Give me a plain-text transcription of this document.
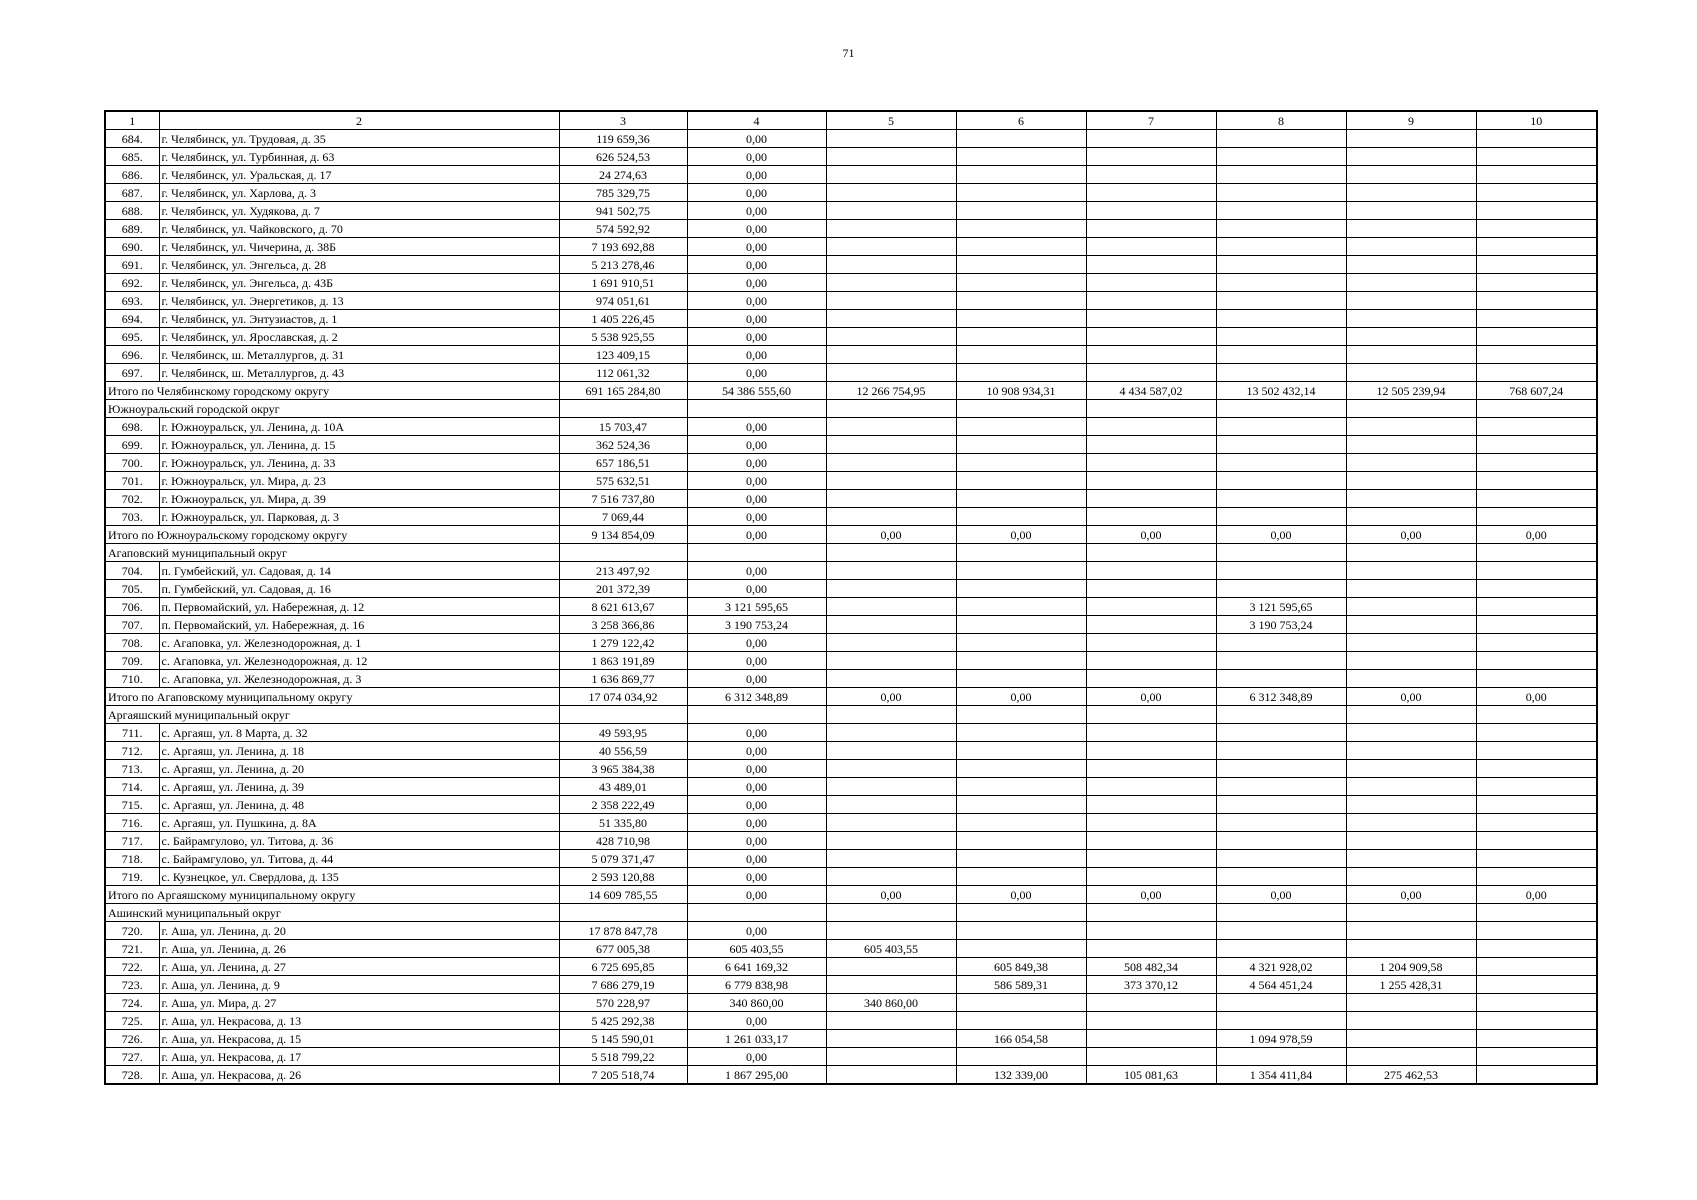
71
1	2	3	4	5	6	7	8	9	10
684.	г. Челябинск, ул. Трудовая, д. 35	119 659,36	0,00						
685.	г. Челябинск, ул. Турбинная, д. 63	626 524,53	0,00						
686.	г. Челябинск, ул. Уральская, д. 17	24 274,63	0,00						
687.	г. Челябинск, ул. Харлова, д. 3	785 329,75	0,00						
688.	г. Челябинск, ул. Худякова, д. 7	941 502,75	0,00						
689.	г. Челябинск, ул. Чайковского, д. 70	574 592,92	0,00						
690.	г. Челябинск, ул. Чичерина, д. 38Б	7 193 692,88	0,00						
691.	г. Челябинск, ул. Энгельса, д. 28	5 213 278,46	0,00						
692.	г. Челябинск, ул. Энгельса, д. 43Б	1 691 910,51	0,00						
693.	г. Челябинск, ул. Энергетиков, д. 13	974 051,61	0,00						
694.	г. Челябинск, ул. Энтузиастов, д. 1	1 405 226,45	0,00						
695.	г. Челябинск, ул. Ярославская, д. 2	5 538 925,55	0,00						
696.	г. Челябинск, ш. Металлургов, д. 31	123 409,15	0,00						
697.	г. Челябинск, ш. Металлургов, д. 43	112 061,32	0,00						
Итого по Челябинскому городскому округу		691 165 284,80	54 386 555,60	12 266 754,95	10 908 934,31	4 434 587,02	13 502 432,14	12 505 239,94	768 607,24
Южноуральский городской округ									
698.	г. Южноуральск, ул. Ленина, д. 10А	15 703,47	0,00						
699.	г. Южноуральск, ул. Ленина, д. 15	362 524,36	0,00						
700.	г. Южноуральск, ул. Ленина, д. 33	657 186,51	0,00						
701.	г. Южноуральск, ул. Мира, д. 23	575 632,51	0,00						
702.	г. Южноуральск, ул. Мира, д. 39	7 516 737,80	0,00						
703.	г. Южноуральск, ул. Парковая, д. 3	7 069,44	0,00						
Итого по Южноуральскому городскому округу		9 134 854,09	0,00	0,00	0,00	0,00	0,00	0,00	0,00
Агаповский муниципальный округ									
704.	п. Гумбейский, ул. Садовая, д. 14	213 497,92	0,00						
705.	п. Гумбейский, ул. Садовая, д. 16	201 372,39	0,00						
706.	п. Первомайский, ул. Набережная, д. 12	8 621 613,67	3 121 595,65				3 121 595,65		
707.	п. Первомайский, ул. Набережная, д. 16	3 258 366,86	3 190 753,24				3 190 753,24		
708.	с. Агаповка, ул. Железнодорожная, д. 1	1 279 122,42	0,00						
709.	с. Агаповка, ул. Железнодорожная, д. 12	1 863 191,89	0,00						
710.	с. Агаповка, ул. Железнодорожная, д. 3	1 636 869,77	0,00						
Итого по Агаповскому муниципальному округу		17 074 034,92	6 312 348,89	0,00	0,00	0,00	6 312 348,89	0,00	0,00
Аргаяшский муниципальный округ									
711.	с. Аргаяш, ул. 8 Марта, д. 32	49 593,95	0,00						
712.	с. Аргаяш, ул. Ленина, д. 18	40 556,59	0,00						
713.	с. Аргаяш, ул. Ленина, д. 20	3 965 384,38	0,00						
714.	с. Аргаяш, ул. Ленина, д. 39	43 489,01	0,00						
715.	с. Аргаяш, ул. Ленина, д. 48	2 358 222,49	0,00						
716.	с. Аргаяш, ул. Пушкина, д. 8А	51 335,80	0,00						
717.	с. Байрамгулово, ул. Титова, д. 36	428 710,98	0,00						
718.	с. Байрамгулово, ул. Титова, д. 44	5 079 371,47	0,00						
719.	с. Кузнецкое, ул. Свердлова, д. 135	2 593 120,88	0,00						
Итого по Аргаяшскому муниципальному округу		14 609 785,55	0,00	0,00	0,00	0,00	0,00	0,00	0,00
Ашинский муниципальный округ									
720.	г. Аша, ул. Ленина, д. 20	17 878 847,78	0,00						
721.	г. Аша, ул. Ленина, д. 26	677 005,38	605 403,55	605 403,55					
722.	г. Аша, ул. Ленина, д. 27	6 725 695,85	6 641 169,32		605 849,38	508 482,34	4 321 928,02	1 204 909,58	
723.	г. Аша, ул. Ленина, д. 9	7 686 279,19	6 779 838,98		586 589,31	373 370,12	4 564 451,24	1 255 428,31	
724.	г. Аша, ул. Мира, д. 27	570 228,97	340 860,00	340 860,00					
725.	г. Аша, ул. Некрасова, д. 13	5 425 292,38	0,00						
726.	г. Аша, ул. Некрасова, д. 15	5 145 590,01	1 261 033,17		166 054,58		1 094 978,59		
727.	г. Аша, ул. Некрасова, д. 17	5 518 799,22	0,00						
728.	г. Аша, ул. Некрасова, д. 26	7 205 518,74	1 867 295,00		132 339,00	105 081,63	1 354 411,84	275 462,53	
